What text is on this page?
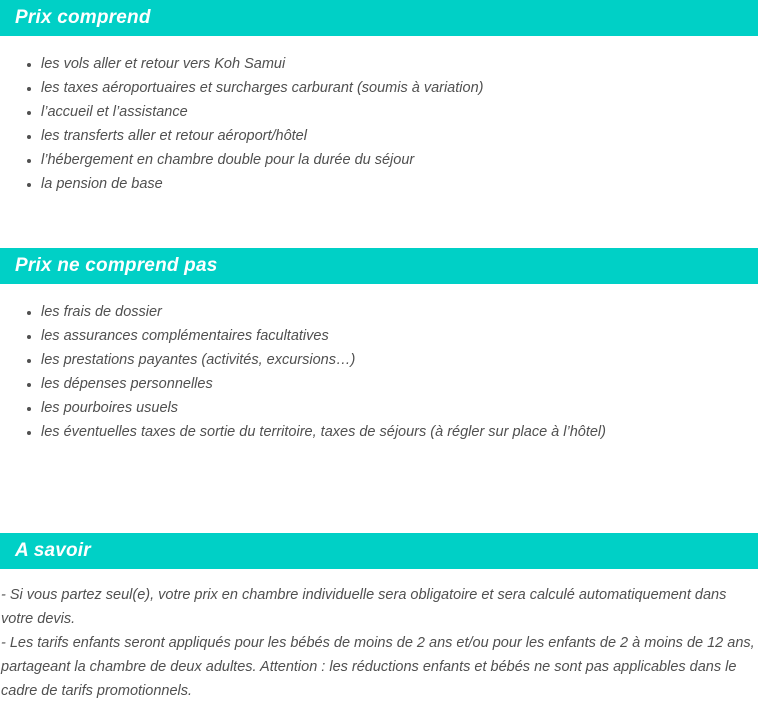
Prix comprend
• les vols aller et retour vers Koh Samui
• les taxes aéroportuaires et surcharges carburant (soumis à variation)
• l’accueil et l’assistance
• les transferts aller et retour aéroport/hôtel
• l’hébergement en chambre double pour la durée du séjour
• la pension de base
Prix ne comprend pas
• les frais de dossier
• les assurances complémentaires facultatives
• les prestations payantes (activités, excursions…)
• les dépenses personnelles
• les pourboires usuels
• les éventuelles taxes de sortie du territoire, taxes de séjours (à régler sur place à l’hôtel)
A savoir

- Si vous partez seul(e), votre prix en chambre individuelle sera obligatoire et sera calculé automatiquement dans votre devis.

- Les tarifs enfants seront appliqués pour les bébés de moins de 2 ans et/ou pour les enfants de 2 à moins de 12 ans, partageant la chambre de deux adultes. Attention : les réductions enfants et bébés ne sont pas applicables dans le cadre de tarifs promotionnels.
